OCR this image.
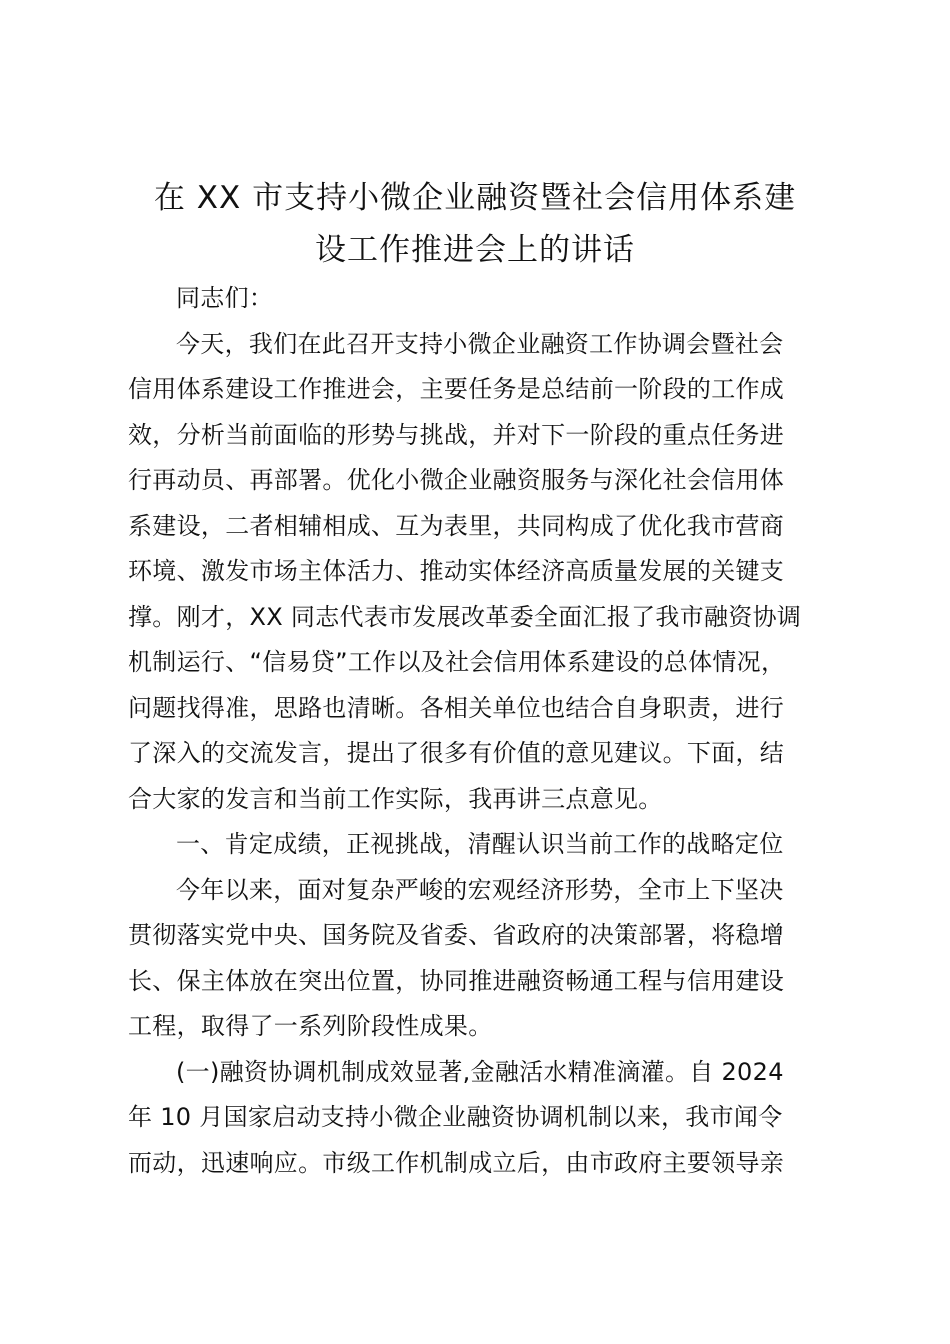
在 XX 市支持小微企业融资暨社会信用体系建
设工作推进会上的讲话
同志们：
今天，我们在此召开支持小微企业融资工作协调会暨社会
信用体系建设工作推进会，主要任务是总结前一阶段的工作成
效，分析当前面临的形势与挑战，并对下一阶段的重点任务进
行再动员、再部署。优化小微企业融资服务与深化社会信用体
系建设，二者相辅相成、互为表里，共同构成了优化我市营商
环境、激发市场主体活力、推动实体经济高质量发展的关键支
撑。刚才，XX 同志代表市发展改革委全面汇报了我市融资协调
机制运行、“信易贷”工作以及社会信用体系建设的总体情况，
问题找得准，思路也清晰。各相关单位也结合自身职责，进行
了深入的交流发言，提出了很多有价值的意见建议。下面，结
合大家的发言和当前工作实际，我再讲三点意见。
一、肯定成绩，正视挑战，清醒认识当前工作的战略定位
今年以来，面对复杂严峻的宏观经济形势，全市上下坚决
贯彻落实党中央、国务院及省委、省政府的决策部署，将稳增
长、保主体放在突出位置，协同推进融资畅通工程与信用建设
工程，取得了一系列阶段性成果。
(一)融资协调机制成效显著,金融活水精准滴灌。自 2024
年 10 月国家启动支持小微企业融资协调机制以来，我市闻令
而动，迅速响应。市级工作机制成立后，由市政府主要领导亲
